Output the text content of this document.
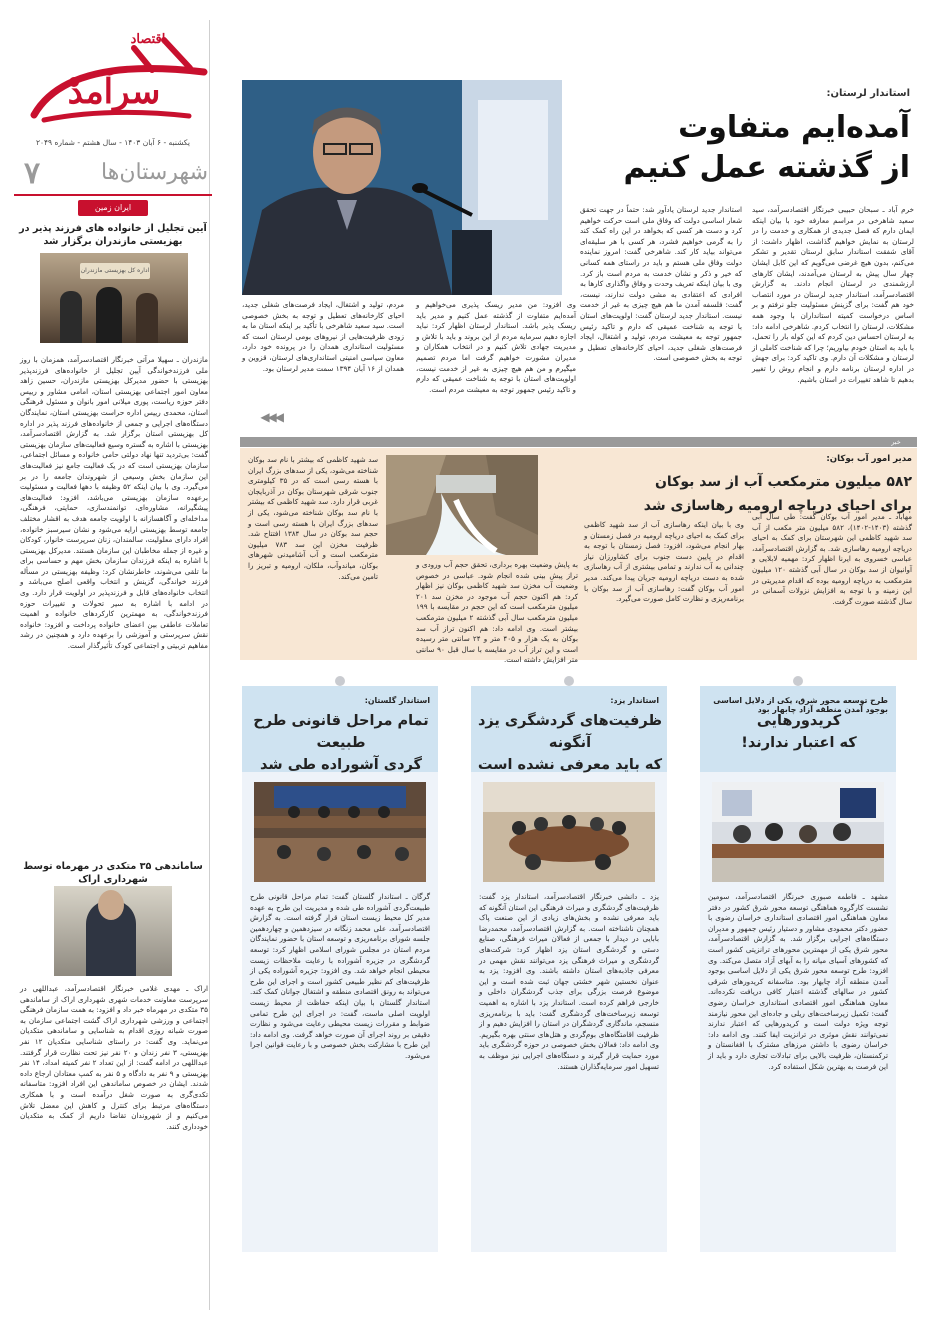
سرآمد
اقتصاد
یکشنبه - ۶ آبان ۱۴۰۳ - سال هشتم - شماره ۲۰۴۹
شهرستان‌ها
۷
ایران زمین
آیین تجلیل از خانواده های فرزند پذیر در بهزیستی مازندران برگزار شد
اداره کل بهزیستی مازندران
مازندران ـ سهیلا مرآتی خبرنگار اقتصادسرآمد، همزمان با روز ملی فرزندخواندگی آیین تجلیل از خانواده‌های فرزندپذیر بهزیستی با حضور مدیرکل بهزیستی مازندران، حسین زاهد معاون امور اجتماعی بهزیستی استان، امامی مشاور و رییس دفتر حوزه ریاست، پوری میلانی امور بانوان و مسئول فرهنگی استان، محمدی رییس اداره حراست بهزیستی استان، نمایندگان دستگاه‌های اجرایی و جمعی از خانواده‌های فرزند پذیر در اداره کل بهزیستی استان برگزار شد. به گزارش اقتصادسرآمد، بهزیستی با اشاره به گستره وسیع فعالیت‌های سازمان بهزیستی گفت: بی‌تردید تنها نهاد دولتی حامی خانواده و مسائل اجتماعی، سازمان بهزیستی است که در یک فعالیت جامع نیز فعالیت‌های این سازمان بخش وسیعی از شهروندان جامعه را در بر می‌گیرد. وی با بیان اینکه ۵۲ وظیفه با دهها فعالیت و مسئولیت برعهده سازمان بهزیستی می‌باشد، افزود: فعالیت‌های پیشگیرانه، مشاوره‌ای، توانمندسازی، حمایتی، فرهنگی، مداخله‌ای و آگاهسازانه با اولویت جامعه هدف به اقشار مختلف جامعه توسط بهزیستی ارایه می‌شود و نشان سیرسبز خانواده، افراد دارای معلولیت، سالمندان، زنان سرپرست خانوار، کودکان و غیره از جمله مخاطبان این سازمان هستند. مدیرکل بهزیستی با اشاره به اینکه فرزندان سازمان بخش مهم و حساسی برای ما تلقی می‌شوند، خاطرنشان کرد: وظیفه بهزیستی در مسأله فرزند خواندگی، گزینش و انتخاب واقعی اصلح می‌باشد و انتخاب خانواده‌های قابل و فرزندپذیر در اولویت قرار دارد. وی در ادامه با اشاره به سیر تحولات و تغییرات حوزه فرزندخواندگی، به مهمترین کارکردهای خانواده و اهمیت تعاملات عاطفی بین اعضای خانواده پرداخت و افزود: خانواده نقش سرپرستی و آموزشی را برعهده دارد و همچنین در رشد مفاهیم تربیتی و اجتماعی کودک تأثیرگذار است.
ساماندهی ۳۵ متکدی در مهرماه توسط شهرداری اراک
اراک ـ مهدی غلامی خبرنگار اقتصادسرآمد، عبداللهی در سرپرست معاونت خدمات شهری شهرداری اراک از ساماندهی ۳۵ متکدی در مهرماه خبر داد و افزود: به همت سازمان فرهنگی اجتماعی و ورزشی شهرداری اراک گشت اجتماعی سازمان به صورت شبانه روزی اقدام به شناسایی و ساماندهی متکدیان می‌نماید. وی گفت: در راستای شناسایی متکدیان ۱۲ نفر بهزیستی، ۳ نفر زندان و ۲۰ نفر نیز تحت نظارت قرار گرفتند. عبداللهی در ادامه گفت: از این تعداد ۲ نفر کمیته امداد، ۱۴ نفر بهزیستی و ۹ نفر به دادگاه و ۵ نفر به کمپ معتادان ارجاع داده شدند. ایشان در خصوص ساماندهی این افراد افزود: متاسفانه تکدی‌گری به صورت شغل درآمده است و با همکاری دستگاه‌های مرتبط برای کنترل و کاهش این معضل تلاش می‌کنیم و از شهروندان تقاضا داریم از کمک به متکدیان خودداری کنند.
استاندار لرستان:
آمده‌ایم متفاوت
از گذشته عمل کنیم
خرم آباد ـ سبحان حبیبی خبرنگار اقتصادسرآمد، سید سعید شاهرخی در مراسم معارفه خود با بیان اینکه ایمان دارم که فصل جدیدی از همکاری و خدمت را در لرستان به نمایش خواهیم گذاشت، اظهار داشت: از آقای شفقت استاندار سابق لرستان تقدیر و تشکر می‌کنم، بدون هیچ غرضی می‌گویم که این کابل ایشان چهار سال پیش به لرستان می‌آمدند، ایشان کارهای ارزشمندی در لرستان انجام دادند. به گزارش اقتصادسرآمد، استاندار جدید لرستان در مورد انتصاب خود هم گفت: برای گزینش مسئولیت جلو نرفتم و بر اساس درخواست کمیته استانداران با وجود همه مشکلات، لرستان را انتخاب کردم. شاهرخی ادامه داد: به لرستان احساس دین کردم که این کوله بار را تحمل، با باید به استان خودم بیاوریم؛ چرا که شناخت کاملی از لرستان و مشکلات آن دارم. وی تاکید کرد: برای جهش در اداره لرستان برنامه دارم و انجام روش را تغییر بدهیم تا شاهد تغییرات در استان باشیم.
استاندار جدید لرستان یادآور شد: حتماً در جهت تحقق شعار اساسی دولت که وفاق ملی است حرکت خواهیم کرد و دست هر کسی که بخواهد در این راه کمک کند را به گرمی خواهیم فشرد، هر کسی با هر سلیقه‌ای می‌تواند بیاید کار کند. شاهرخی گفت: امروز نماینده دولت وفاق ملی هستم و باید در راستای همه کسانی که خیر و ذکر و نشان خدمت به مردم است باز کرد. وی با بیان اینکه تعریف وحدت و وفاق واگذاری کارها به افرادی که اعتقادی به مشی دولت ندارند، نیست، گفت: فلسفه آمدن ما هم هیچ چیزی به غیر از خدمت نیست. استاندار جدید لرستان گفت: اولویت‌های استان با توجه به شناخت عمیقی که دارم و تاکید رئیس جمهور توجه به معیشت مردم، تولید و اشتغال، ایجاد فرصت‌های شغلی جدید، احیای کارخانه‌های تعطیل و توجه به بخش خصوصی است.
وی افزود: من مدیر ریسک پذیری می‌خواهیم و آمده‌ایم متفاوت از گذشته عمل کنیم و مدیر باید ریسک پذیر باشد. استاندار لرستان اظهار کرد: نباید اجازه دهیم سرمایه مردم از این بروند و باید با تلاش و مدیریت جهادی تلاش کنیم و در انتخاب همکاران و مدیران مشورت خواهیم گرفت اما مردم تصمیم میگیرم و من هم هیچ چیزی به غیر از خدمت نیست، اولویت‌های استان با توجه به شناخت عمیقی که دارم و تاکید رئیس جمهور توجه به معیشت مردم است.
مردم، تولید و اشتغال، ایجاد فرصت‌های شغلی جدید، احیای کارخانه‌های تعطیل و توجه به بخش خصوصی است. سید سعید شاهرخی با تأکید بر اینکه استان ما به زودی ظرفیت‌هایی از نیروهای بومی لرستان است که مسئولیت استانداری همدان را در پرونده خود دارد، معاون سیاسی امنیتی استانداری‌های لرستان، قزوین و همدان از ۱۶ آبان ۱۳۹۴ سمت مدیر لرستان بود.
◀◀◀
خبر
مدیر امور آب بوکان:
۵۸۲ میلیون مترمکعب آب از سد بوکان
برای احیای دریاچه ارومیه رهاسازی شد
مهاباد ـ مدیر امور آب بوکان گفت: طی سال آبی گذشته (۱۴۰۳-۱۴۰۲)، ۵۸۲ میلیون متر مکعب از آب سد شهید کاظمی این شهرستان برای کمک به احیای دریاچه ارومیه رهاسازی شد. به گزارش اقتصادسرآمد، عباسی خسروی به ایرنا اظهار کرد: مهمیه لابلایی و آوانیوان از سد بوکان در سال آبی گذشته ۱۲۰ میلیون مترمکعب به دریاچه ارومیه بوده که اقدام مدیریتی در این زمینه و با توجه به افزایش نزولات آسمانی در سال گذشته صورت گرفت.
وی با بیان اینکه رهاسازی آب از سد شهید کاظمی برای کمک به احیای دریاچه ارومیه در فصل زمستان و بهار انجام می‌شود، افزود: فصل زمستان با توجه به اقدام در پایین دست جنوب برای کشاورزان نیاز چندانی به آب ندارند و تمامی بیشتری از آب رهاسازی شده به دست دریاچه ارومیه جریان پیدا می‌کند. مدیر امور آب بوکان گفت: رهاسازی آب از سد بوکان با برنامه‌ریزی و نظارت کامل صورت می‌گیرد.
به پایش وضعیت بهره برداری، تحقق حجم آب ورودی و تراز پیش بینی شده انجام شود. عباسی در خصوص وضعیت آب مخزن سد شهید کاظمی بوکان نیز اظهار کرد: هم اکنون حجم آب موجود در مخزن سد ۲۰۱ میلیون مترمکعب است که این حجم در مقایسه با ۱۹۹ میلیون مترمکعب سال آبی گذشته ۲ میلیون مترمکعب بیشتر است. وی ادامه داد: هم اکنون تراز آب سد بوکان به یک هزار و ۴۰۵ متر و ۲۴ سانتی متر رسیده است و این تراز آب در مقایسه با سال قبل ۹۰ سانتی متر افزایش داشته است.
سد شهید کاظمی که بیشتر با نام سد بوکان شناخته می‌شود، یکی از سدهای بزرگ ایران با هسته رسی است که در ۳۵ کیلومتری جنوب شرقی شهرستان بوکان در آذربایجان غربی قرار دارد. سد شهید کاظمی که بیشتر با نام سد بوکان شناخته می‌شود، یکی از سدهای بزرگ ایران با هسته رسی است و حجم سد بوکان در سال ۱۳۸۴ افتتاح شد. ظرفیت مخزن این سد ۷۸۳ میلیون مترمکعب است و آب آشامیدنی شهرهای بوکان، میاندوآب، ملکان، ارومیه و تبریز را تامین می‌کند.
طرح توسعه محور شرق، یکی از دلایل اساسی بوجود آمدن منطقه آزاد چابهار بود
کریدورهایی
که اعتبار ندارند!
مشهد ـ فاطمه صبوری خبرنگار اقتصادسرآمد، سومین نشست کارگروه هماهنگی توسعه محور شرق کشور در دفتر معاون هماهنگی امور اقتصادی استانداری خراسان رضوی با حضور دکتر محمودی مشاور و دستیار رئیس جمهور و مدیران دستگاه‌های اجرایی برگزار شد. به گزارش اقتصادسرآمد، محور شرق یکی از مهمترین محورهای ترانزیتی کشور است که کشورهای آسیای میانه را به آبهای آزاد متصل می‌کند. وی افزود: طرح توسعه محور شرق یکی از دلایل اساسی بوجود آمدن منطقه آزاد چابهار بود. متاسفانه کریدورهای شرقی کشور در سالهای گذشته اعتبار کافی دریافت نکرده‌اند. معاون هماهنگی امور اقتصادی استانداری خراسان رضوی گفت: تکمیل زیرساخت‌های ریلی و جاده‌ای این محور نیازمند توجه ویژه دولت است و کریدورهایی که اعتبار ندارند نمی‌توانند نقش موثری در ترانزیت ایفا کنند. وی ادامه داد: خراسان رضوی با داشتن مرزهای مشترک با افغانستان و ترکمنستان، ظرفیت بالایی برای تبادلات تجاری دارد و باید از این فرصت به بهترین شکل استفاده کرد.
استاندار یزد:
ظرفیت‌های گردشگری یزد آنگونه
که باید معرفی نشده است
یزد ـ دانشی خبرنگار اقتصادسرآمد، استاندار یزد گفت: ظرفیت‌های گردشگری و میراث فرهنگی این استان آنگونه که باید معرفی نشده و بخش‌های زیادی از این صنعت پاک همچنان ناشناخته است. به گزارش اقتصادسرآمد، محمدرضا بابایی در دیدار با جمعی از فعالان میراث فرهنگی، صنایع دستی و گردشگری استان یزد اظهار کرد: شرکت‌های گردشگری و میراث فرهنگی یزد می‌توانند نقش مهمی در معرفی جاذبه‌های استان داشته باشند. وی افزود: یزد به عنوان نخستین شهر خشتی جهان ثبت شده است و این موضوع فرصت بزرگی برای جذب گردشگران داخلی و خارجی فراهم کرده است. استاندار یزد با اشاره به اهمیت توسعه زیرساخت‌های گردشگری گفت: باید با برنامه‌ریزی منسجم، ماندگاری گردشگران در استان را افزایش دهیم و از ظرفیت اقامتگاه‌های بوم‌گردی و هتل‌های سنتی بهره بگیریم. وی ادامه داد: فعالان بخش خصوصی در حوزه گردشگری باید مورد حمایت قرار گیرند و دستگاه‌های اجرایی نیز موظف به تسهیل امور سرمایه‌گذاران هستند.
استاندار گلستان:
تمام مراحل قانونی طرح طبیعت
گردی آشوراده طی شد
گرگان ـ استاندار گلستان گفت: تمام مراحل قانونی طرح طبیعت‌گردی آشوراده طی شده و مدیریت این طرح به عهده مدیر کل محیط زیست استان قرار گرفته است. به گزارش اقتصادسرآمد، علی محمد زنگانه در سیزدهمین و چهاردهمین جلسه شورای برنامه‌ریزی و توسعه استان با حضور نمایندگان مردم استان در مجلس شورای اسلامی اظهار کرد: توسعه گردشگری در جزیره آشوراده با رعایت ملاحظات زیست محیطی انجام خواهد شد. وی افزود: جزیره آشوراده یکی از ظرفیت‌های کم نظیر طبیعی کشور است و اجرای این طرح می‌تواند به رونق اقتصادی منطقه و اشتغال جوانان کمک کند. استاندار گلستان با بیان اینکه حفاظت از محیط زیست اولویت اصلی ماست، گفت: در اجرای این طرح تمامی ضوابط و مقررات زیست محیطی رعایت می‌شود و نظارت دقیقی بر روند اجرای آن صورت خواهد گرفت. وی ادامه داد: این طرح با مشارکت بخش خصوصی و با رعایت قوانین اجرا می‌شود.
